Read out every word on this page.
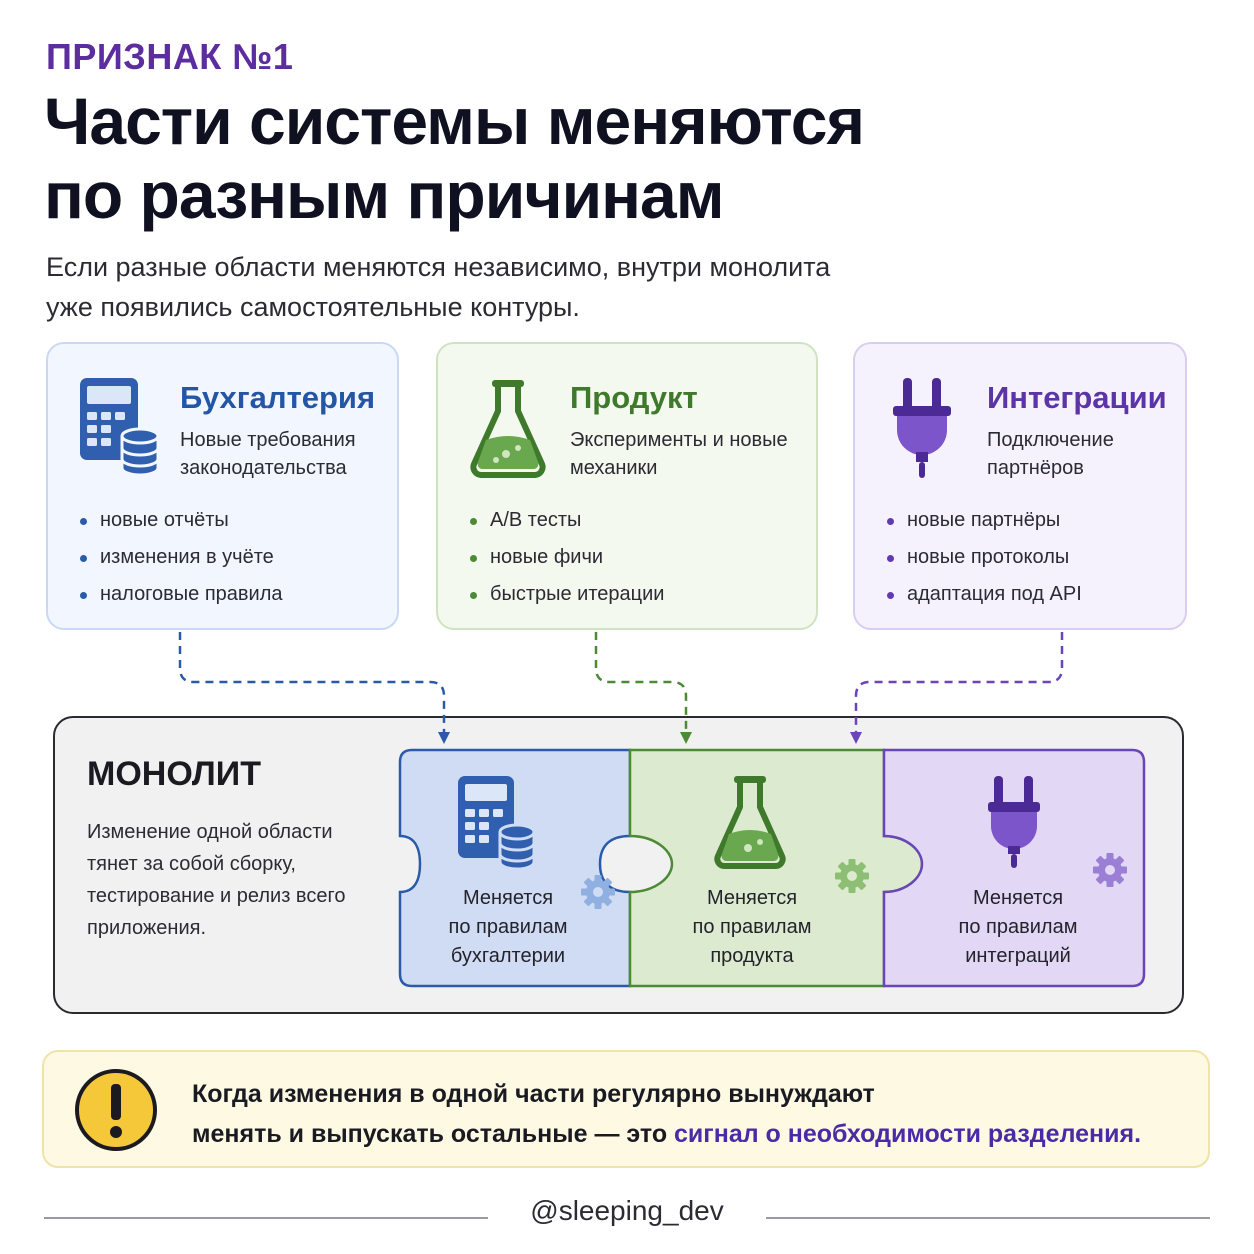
ПРИЗНАК №1
Части системы меняются
по разным причинам
Если разные области меняются независимо, внутри монолита
уже появились самостоятельные контуры.
Бухгалтерия
Новые требования
законодательства
новые отчёты
изменения в учёте
налоговые правила
Продукт
Эксперименты и новые
механики
A/B тесты
новые фичи
быстрые итерации
Интеграции
Подключение
партнёров
новые партнёры
новые протоколы
адаптация под API
МОНОЛИТ
Изменение одной области тянет за собой сборку, тестирование и релиз всего приложения.
Меняется
по правилам
бухгалтерии
Меняется
по правилам
продукта
Меняется
по правилам
интеграций
Когда изменения в одной части регулярно вынуждают
менять и выпускать остальные — это сигнал о необходимости разделения.
@sleeping_dev
